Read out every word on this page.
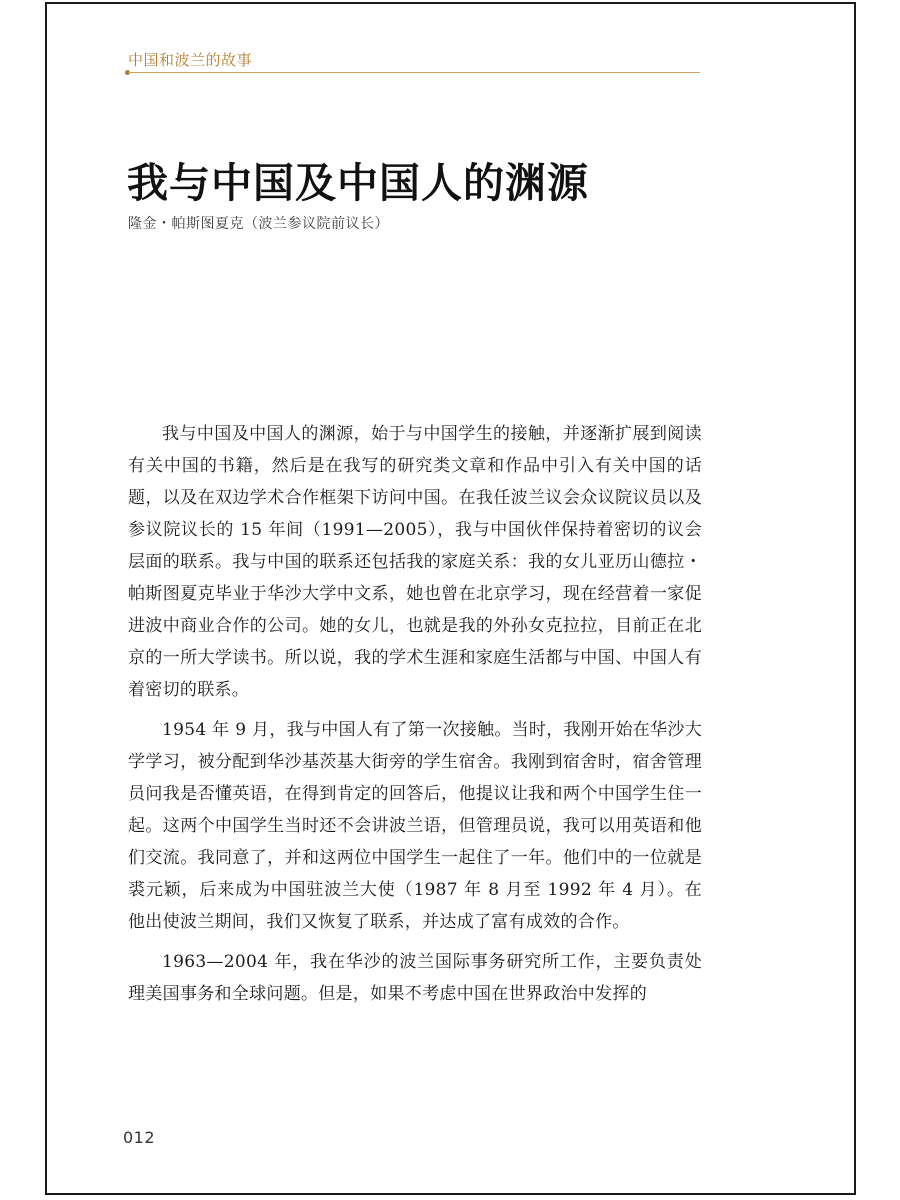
中国和波兰的故事
我与中国及中国人的渊源
隆金・帕斯图夏克（波兰参议院前议长）

我与中国及中国人的渊源，始于与中国学生的接触，并逐渐扩展到阅读有关中国的书籍，然后是在我写的研究类文章和作品中引入有关中国的话题，以及在双边学术合作框架下访问中国。在我任波兰议会众议院议员以及参议院议长的 15 年间（1991—2005），我与中国伙伴保持着密切的议会层面的联系。我与中国的联系还包括我的家庭关系：我的女儿亚历山德拉・帕斯图夏克毕业于华沙大学中文系，她也曾在北京学习，现在经营着一家促进波中商业合作的公司。她的女儿，也就是我的外孙女克拉拉，目前正在北京的一所大学读书。所以说，我的学术生涯和家庭生活都与中国、中国人有着密切的联系。

1954 年 9 月，我与中国人有了第一次接触。当时，我刚开始在华沙大学学习，被分配到华沙基茨基大街旁的学生宿舍。我刚到宿舍时，宿舍管理员问我是否懂英语，在得到肯定的回答后，他提议让我和两个中国学生住一起。这两个中国学生当时还不会讲波兰语，但管理员说，我可以用英语和他们交流。我同意了，并和这两位中国学生一起住了一年。他们中的一位就是裘元颖，后来成为中国驻波兰大使（1987 年 8 月至 1992 年 4 月）。在他出使波兰期间，我们又恢复了联系，并达成了富有成效的合作。

1963—2004 年，我在华沙的波兰国际事务研究所工作，主要负责处理美国事务和全球问题。但是，如果不考虑中国在世界政治中发挥的

012
